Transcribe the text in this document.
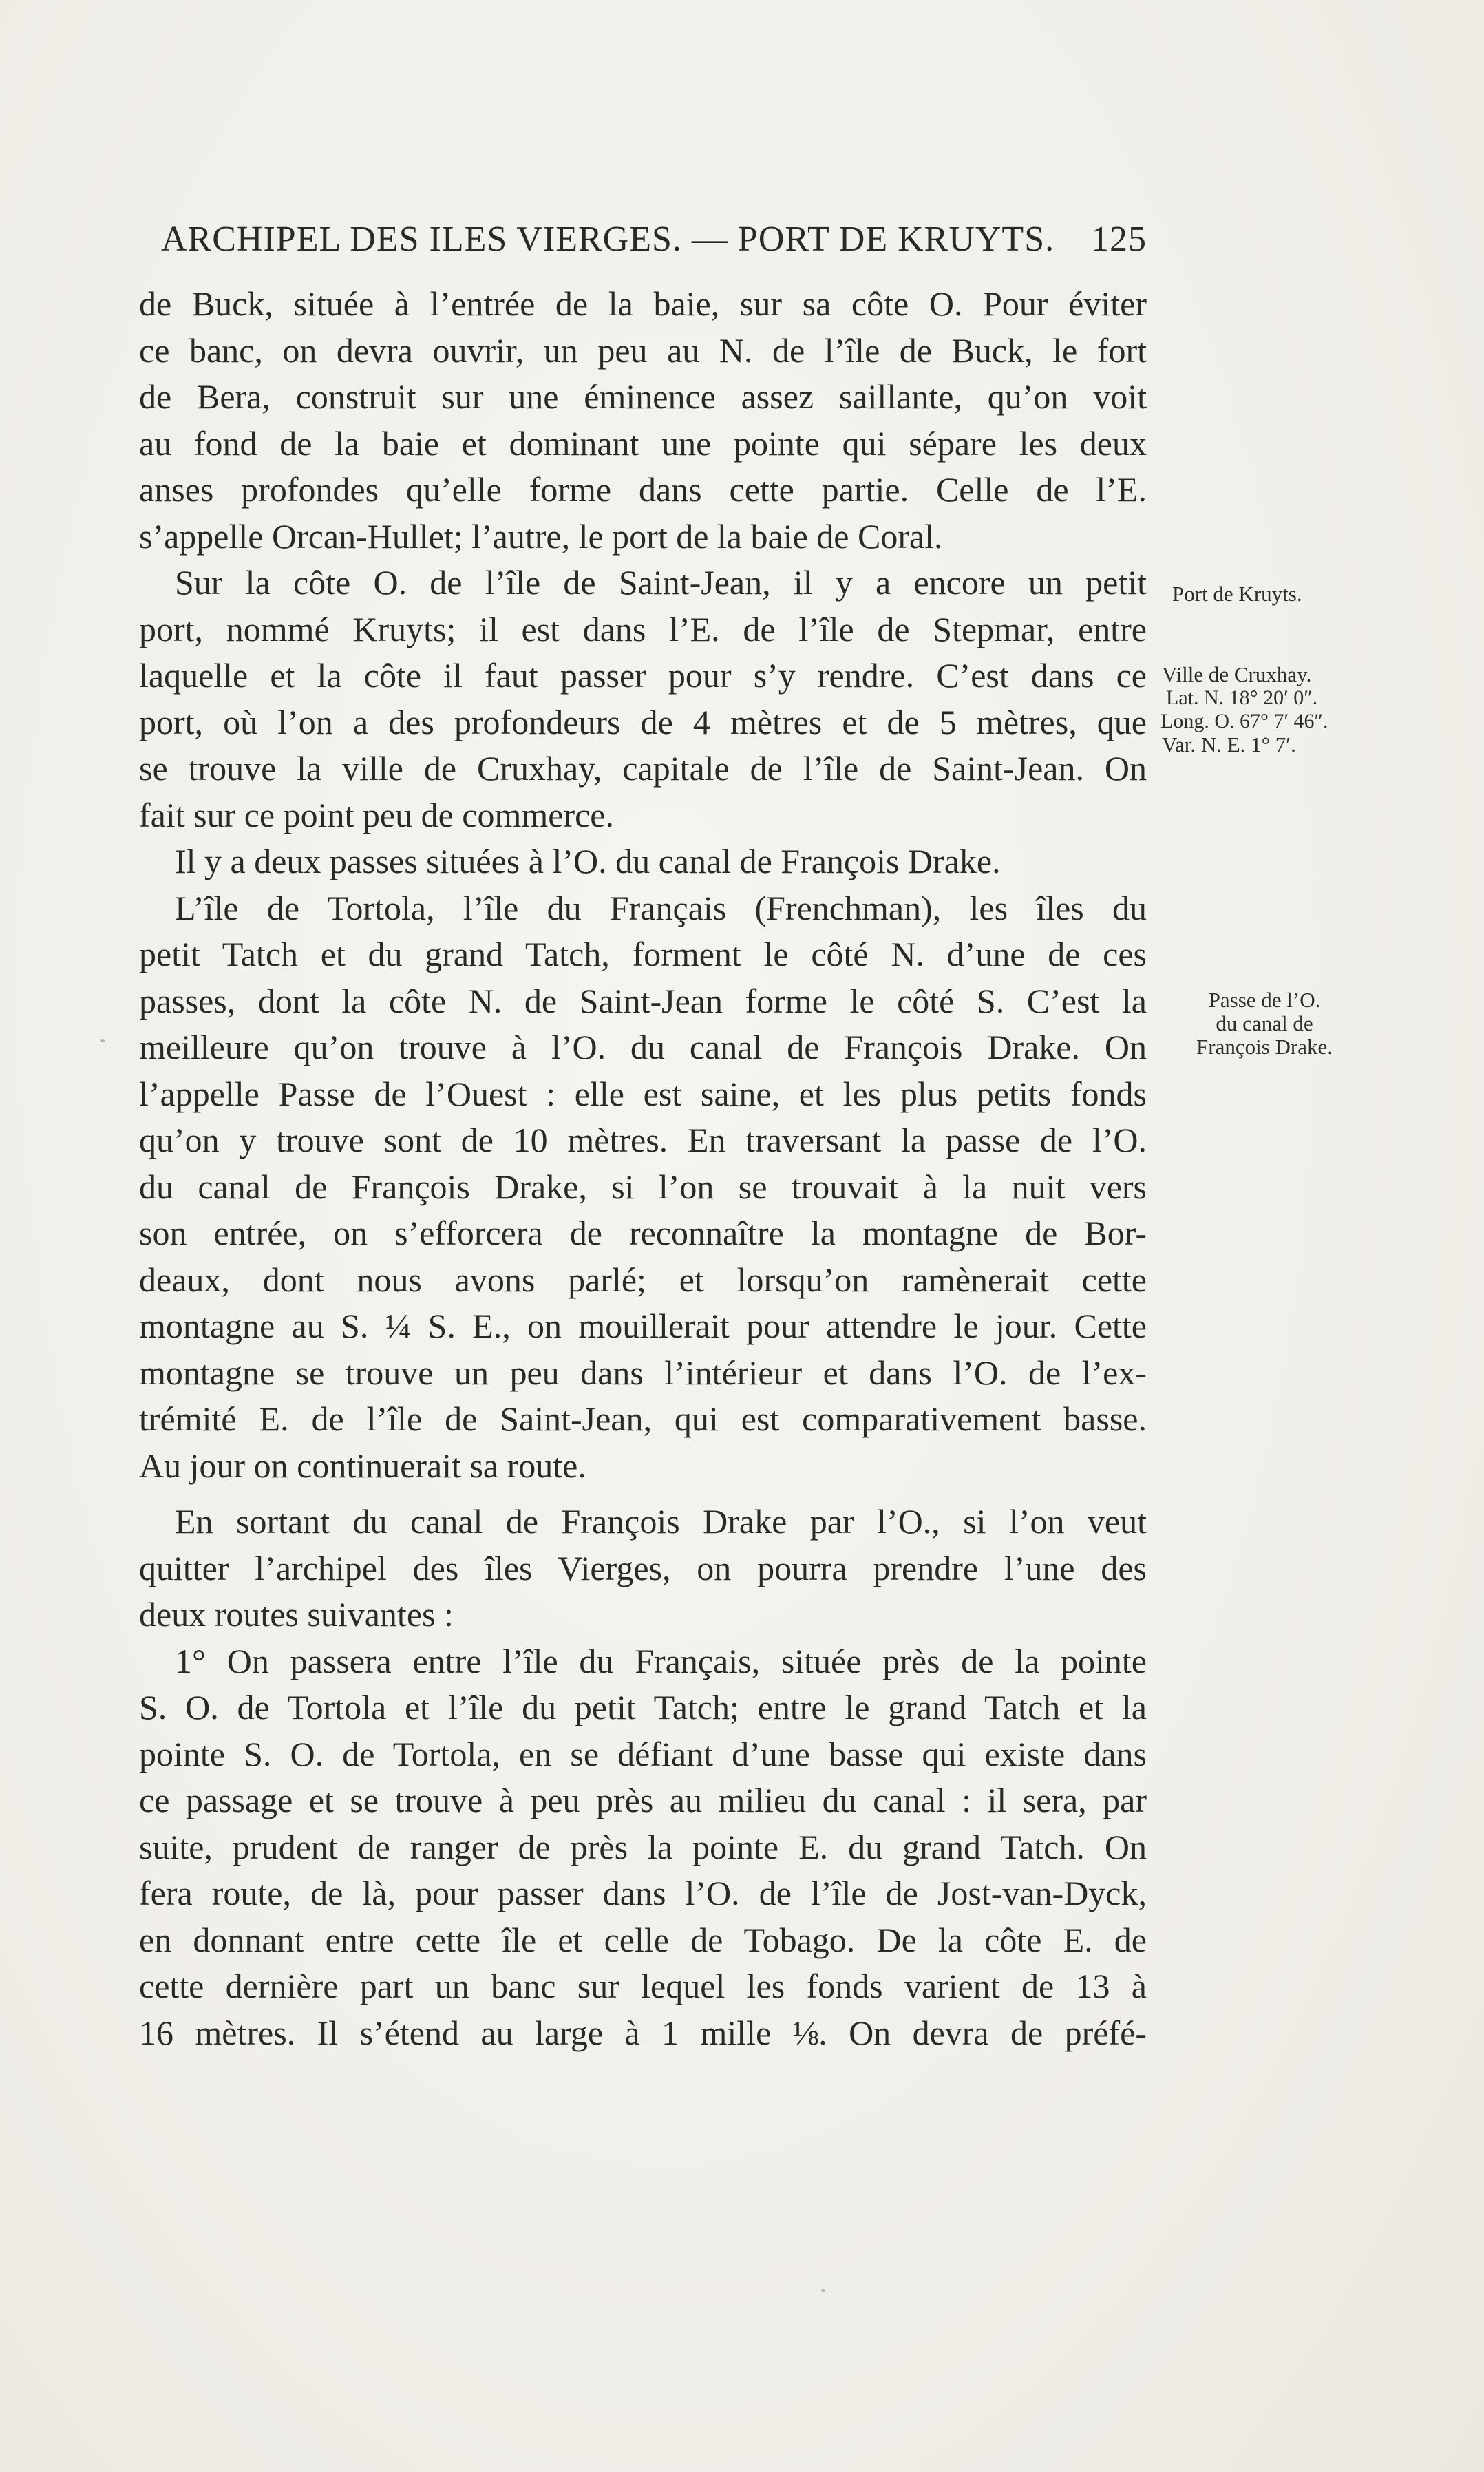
ARCHIPEL DES ILES VIERGES. — PORT DE KRUYTS. 125
de Buck, située à l’entrée de la baie, sur sa côte O. Pour éviter
ce banc, on devra ouvrir, un peu au N. de l’île de Buck, le fort
de Bera, construit sur une éminence assez saillante, qu’on voit
au fond de la baie et dominant une pointe qui sépare les deux
anses profondes qu’elle forme dans cette partie. Celle de l’E.
s’appelle Orcan-Hullet; l’autre, le port de la baie de Coral.
Sur la côte O. de l’île de Saint-Jean, il y a encore un petit
port, nommé Kruyts; il est dans l’E. de l’île de Stepmar, entre
laquelle et la côte il faut passer pour s’y rendre. C’est dans ce
port, où l’on a des profondeurs de 4 mètres et de 5 mètres, que
se trouve la ville de Cruxhay, capitale de l’île de Saint-Jean. On
fait sur ce point peu de commerce.
Il y a deux passes situées à l’O. du canal de François Drake.
L’île de Tortola, l’île du Français (Frenchman), les îles du
petit Tatch et du grand Tatch, forment le côté N. d’une de ces
passes, dont la côte N. de Saint-Jean forme le côté S. C’est la
meilleure qu’on trouve à l’O. du canal de François Drake. On
l’appelle Passe de l’Ouest : elle est saine, et les plus petits fonds
qu’on y trouve sont de 10 mètres. En traversant la passe de l’O.
du canal de François Drake, si l’on se trouvait à la nuit vers
son entrée, on s’efforcera de reconnaître la montagne de Bor-
deaux, dont nous avons parlé; et lorsqu’on ramènerait cette
montagne au S. ¼ S. E., on mouillerait pour attendre le jour. Cette
montagne se trouve un peu dans l’intérieur et dans l’O. de l’ex-
trémité E. de l’île de Saint-Jean, qui est comparativement basse.
Au jour on continuerait sa route.
En sortant du canal de François Drake par l’O., si l’on veut
quitter l’archipel des îles Vierges, on pourra prendre l’une des
deux routes suivantes :
1° On passera entre l’île du Français, située près de la pointe
S. O. de Tortola et l’île du petit Tatch; entre le grand Tatch et la
pointe S. O. de Tortola, en se défiant d’une basse qui existe dans
ce passage et se trouve à peu près au milieu du canal : il sera, par
suite, prudent de ranger de près la pointe E. du grand Tatch. On
fera route, de là, pour passer dans l’O. de l’île de Jost-van-Dyck,
en donnant entre cette île et celle de Tobago. De la côte E. de
cette dernière part un banc sur lequel les fonds varient de 13 à
16 mètres. Il s’étend au large à 1 mille ⅛. On devra de préfé-
Port de Kruyts.
Ville de Cruxhay.
Lat. N. 18° 20′ 0″.
Long. O. 67° 7′ 46″.
Var. N. E. 1° 7′.
Passe de l’O.
du canal de
François Drake.
